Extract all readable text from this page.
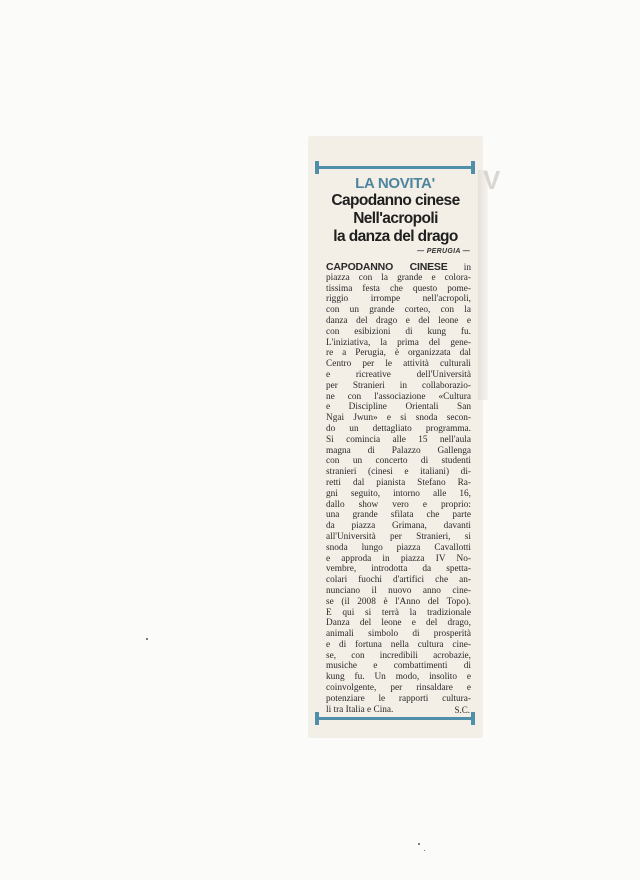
V
LA NOVITA'
Capodanno cinese
Nell'acropoli
la danza del drago
— PERUGIA —
CAPODANNO CINESE in
piazza con la grande e colora-
tissima festa che questo pome-
riggio irrompe nell'acropoli,
con un grande corteo, con la
danza del drago e del leone e
con esibizioni di kung fu.
L'iniziativa, la prima del gene-
re a Perugia, è organizzata dal
Centro per le attività culturali
e ricreative dell'Università
per Stranieri in collaborazio-
ne con l'associazione «Cultura
e Discipline Orientali San
Ngai Jwun» e si snoda secon-
do un dettagliato programma.
Si comincia alle 15 nell'aula
magna di Palazzo Gallenga
con un concerto di studenti
stranieri (cinesi e italiani) di-
retti dal pianista Stefano Ra-
gni seguito, intorno alle 16,
dallo show vero e proprio:
una grande sfilata che parte
da piazza Grimana, davanti
all'Università per Stranieri, si
snoda lungo piazza Cavallotti
e approda in piazza IV No-
vembre, introdotta da spetta-
colari fuochi d'artifici che an-
nunciano il nuovo anno cine-
se (il 2008 è l'Anno del Topo).
E qui si terrà la tradizionale
Danza del leone e del drago,
animali simbolo di prosperità
e di fortuna nella cultura cine-
se, con incredibili acrobazie,
musiche e combattimenti di
kung fu. Un modo, insolito e
coinvolgente, per rinsaldare e
potenziare le rapporti cultura-
li tra Italia e Cina.	S.C.
